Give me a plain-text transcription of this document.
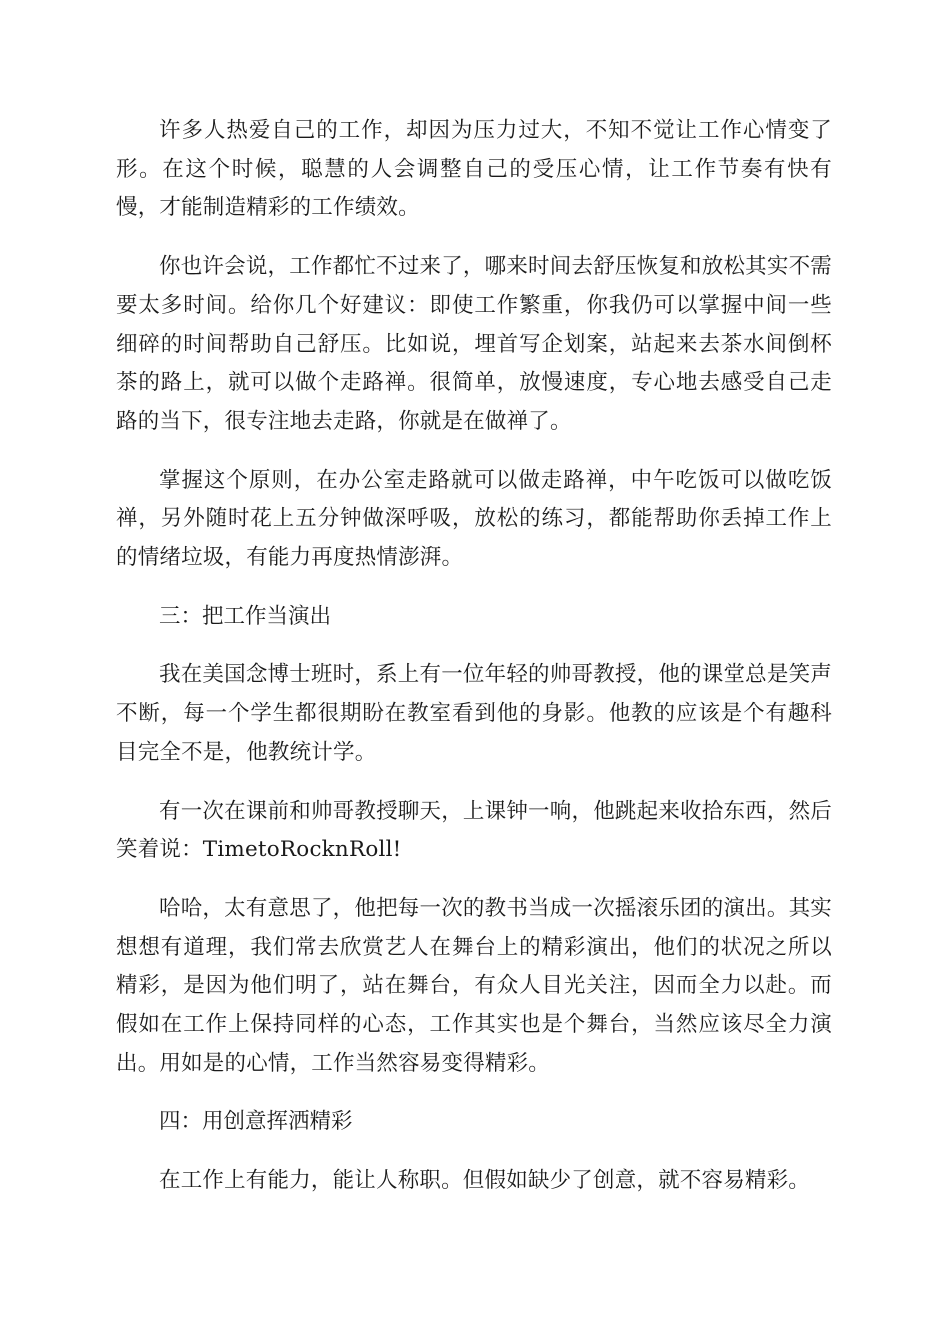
许多人热爱自己的工作，却因为压力过大，不知不觉让工作心情变了形。在这个时候，聪慧的人会调整自己的受压心情，让工作节奏有快有慢，才能制造精彩的工作绩效。

你也许会说，工作都忙不过来了，哪来时间去舒压恢复和放松其实不需要太多时间。给你几个好建议：即使工作繁重，你我仍可以掌握中间一些细碎的时间帮助自己舒压。比如说，埋首写企划案，站起来去茶水间倒杯茶的路上，就可以做个走路禅。很简单，放慢速度，专心地去感受自己走路的当下，很专注地去走路，你就是在做禅了。

掌握这个原则，在办公室走路就可以做走路禅，中午吃饭可以做吃饭禅，另外随时花上五分钟做深呼吸，放松的练习，都能帮助你丢掉工作上的情绪垃圾，有能力再度热情澎湃。

三：把工作当演出

我在美国念博士班时，系上有一位年轻的帅哥教授，他的课堂总是笑声不断，每一个学生都很期盼在教室看到他的身影。他教的应该是个有趣科目完全不是，他教统计学。

有一次在课前和帅哥教授聊天，上课钟一响，他跳起来收拾东西，然后笑着说：TimetoRocknRoll!

哈哈，太有意思了，他把每一次的教书当成一次摇滚乐团的演出。其实想想有道理，我们常去欣赏艺人在舞台上的精彩演出，他们的状况之所以精彩，是因为他们明了，站在舞台，有众人目光关注，因而全力以赴。而假如在工作上保持同样的心态，工作其实也是个舞台，当然应该尽全力演出。用如是的心情，工作当然容易变得精彩。

四：用创意挥洒精彩

在工作上有能力，能让人称职。但假如缺少了创意，就不容易精彩。
